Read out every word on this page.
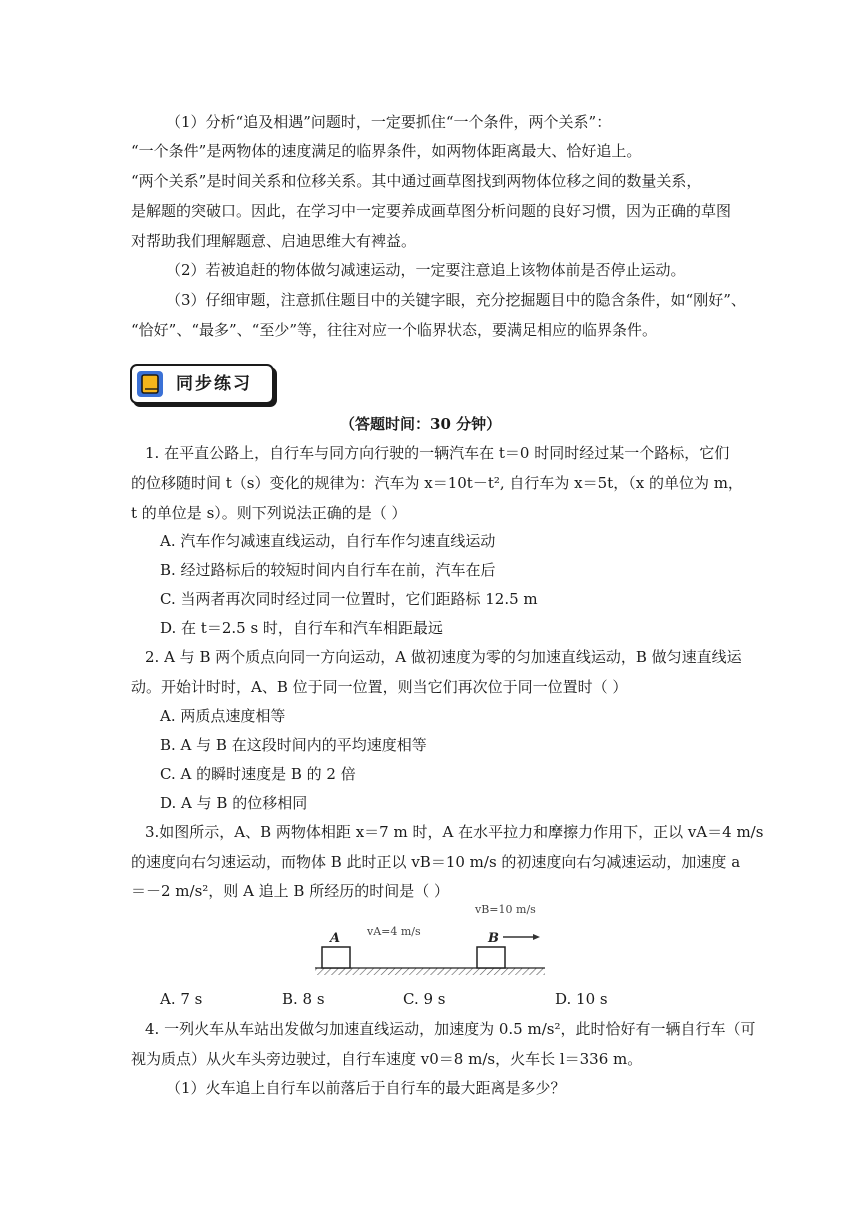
（1）分析“追及相遇”问题时，一定要抓住“一个条件，两个关系”：
“一个条件”是两物体的速度满足的临界条件，如两物体距离最大、恰好追上。
“两个关系”是时间关系和位移关系。其中通过画草图找到两物体位移之间的数量关系，
是解题的突破口。因此，在学习中一定要养成画草图分析问题的良好习惯，因为正确的草图
对帮助我们理解题意、启迪思维大有裨益。
（2）若被追赶的物体做匀减速运动，一定要注意追上该物体前是否停止运动。
（3）仔细审题，注意抓住题目中的关键字眼，充分挖掘题目中的隐含条件，如“刚好”、
“恰好”、“最多”、“至少”等，往往对应一个临界状态，要满足相应的临界条件。
同步练习
（答题时间：30 分钟）
1. 在平直公路上，自行车与同方向行驶的一辆汽车在 t＝0 时同时经过某一个路标，它们
的位移随时间 t（s）变化的规律为：汽车为 x＝10t－t², 自行车为 x＝5t，（x 的单位为 m，
t 的单位是 s）。则下列说法正确的是（ ）
A. 汽车作匀减速直线运动，自行车作匀速直线运动
B. 经过路标后的较短时间内自行车在前，汽车在后
C. 当两者再次同时经过同一位置时，它们距路标 12.5 m
D. 在 t＝2.5 s 时，自行车和汽车相距最远
2. A 与 B 两个质点向同一方向运动，A 做初速度为零的匀加速直线运动，B 做匀速直线运
动。开始计时时，A、B 位于同一位置，则当它们再次位于同一位置时（ ）
A. 两质点速度相等
B. A 与 B 在这段时间内的平均速度相等
C. A 的瞬时速度是 B 的 2 倍
D. A 与 B 的位移相同
3.如图所示，A、B 两物体相距 x＝7 m 时，A 在水平拉力和摩擦力作用下，正以 vA＝4 m/s
的速度向右匀速运动，而物体 B 此时正以 vB＝10 m/s 的初速度向右匀减速运动，加速度 a
＝－2 m/s²，则 A 追上 B 所经历的时间是（ ）
A	B
vA=4 m/s
vB=10 m/s
A. 7 s	B. 8 s	C. 9 s	D. 10 s
4. 一列火车从车站出发做匀加速直线运动，加速度为 0.5 m/s²，此时恰好有一辆自行车（可
视为质点）从火车头旁边驶过，自行车速度 v0＝8 m/s，火车长 l＝336 m。
（1）火车追上自行车以前落后于自行车的最大距离是多少？
